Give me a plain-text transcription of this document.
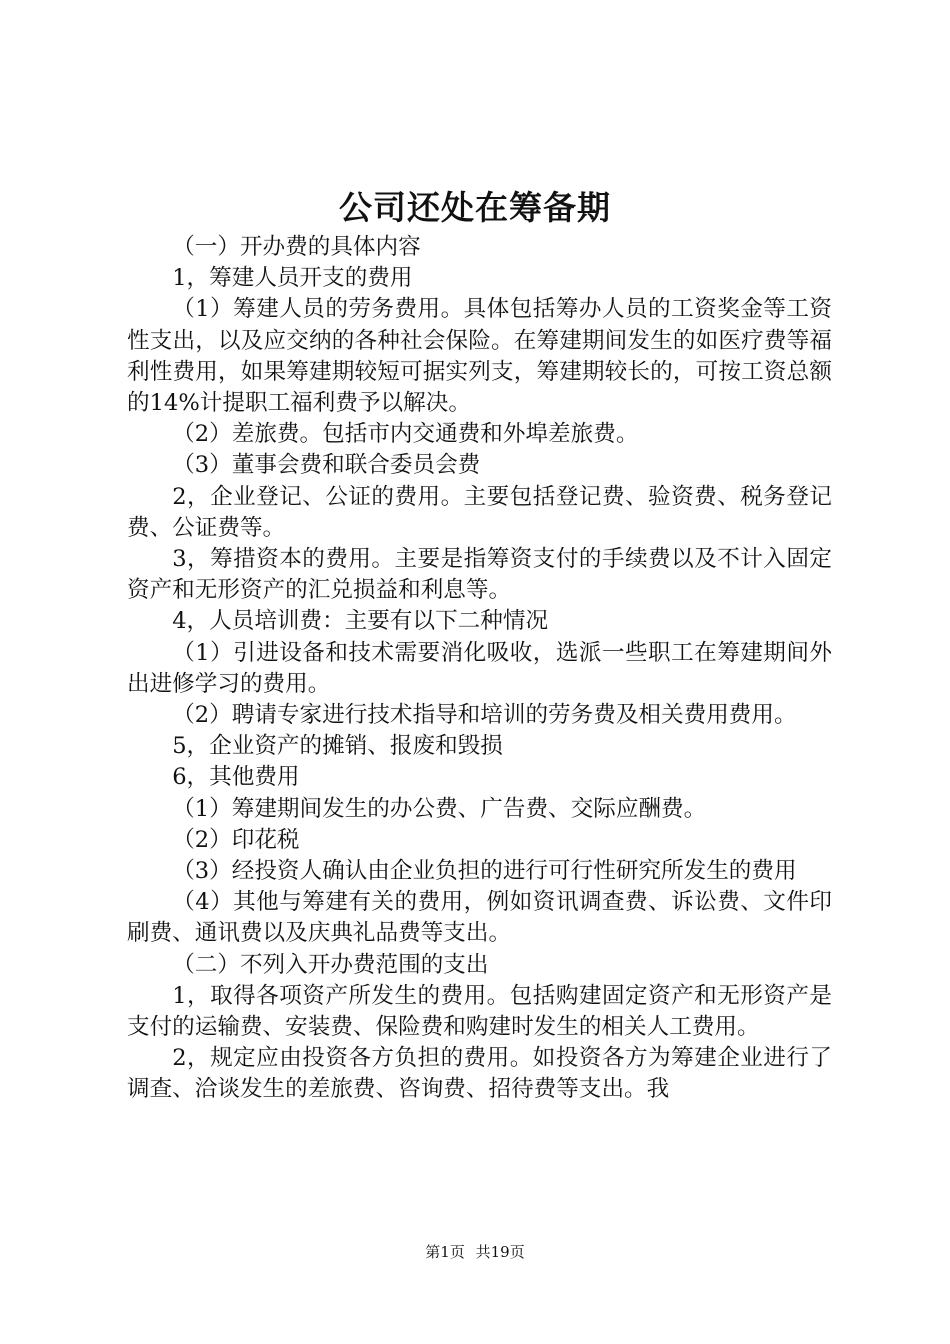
公司还处在筹备期

（一）开办费的具体内容

1，筹建人员开支的费用

（1）筹建人员的劳务费用。具体包括筹办人员的工资奖金等工资性支出，以及应交纳的各种社会保险。在筹建期间发生的如医疗费等福利性费用，如果筹建期较短可据实列支，筹建期较长的，可按工资总额的14%计提职工福利费予以解决。

（2）差旅费。包括市内交通费和外埠差旅费。

（3）董事会费和联合委员会费

2，企业登记、公证的费用。主要包括登记费、验资费、税务登记费、公证费等。

3，筹措资本的费用。主要是指筹资支付的手续费以及不计入固定资产和无形资产的汇兑损益和利息等。

4，人员培训费：主要有以下二种情况

（1）引进设备和技术需要消化吸收，选派一些职工在筹建期间外出进修学习的费用。

（2）聘请专家进行技术指导和培训的劳务费及相关费用费用。

5，企业资产的摊销、报废和毁损

6，其他费用

（1）筹建期间发生的办公费、广告费、交际应酬费。

（2）印花税

（3）经投资人确认由企业负担的进行可行性研究所发生的费用

（4）其他与筹建有关的费用，例如资讯调查费、诉讼费、文件印刷费、通讯费以及庆典礼品费等支出。

（二）不列入开办费范围的支出

1，取得各项资产所发生的费用。包括购建固定资产和无形资产是支付的运输费、安装费、保险费和购建时发生的相关人工费用。

2，规定应由投资各方负担的费用。如投资各方为筹建企业进行了调查、洽谈发生的差旅费、咨询费、招待费等支出。我

第1页 共19页
